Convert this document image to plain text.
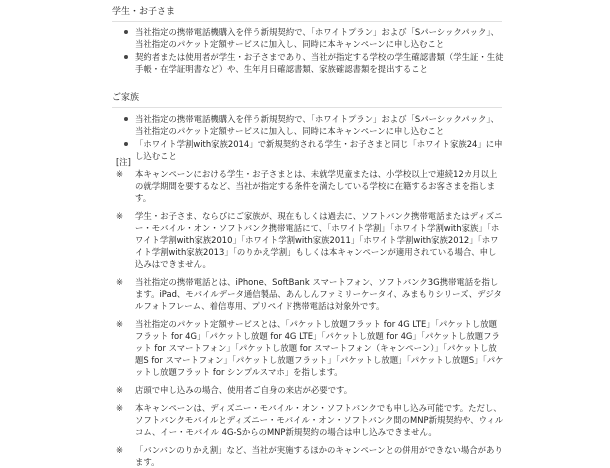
学生・お子さま
当社指定の携帯電話機購入を伴う新規契約で、「ホワイトプラン」および「Sパーシックパック」、当社指定のパケット定額サービスに加入し、同時に本キャンペーンに申し込むこと
契約者または使用者が学生・お子さまであり、当社が指定する学校の学生確認書類（学生証・生徒手帳・在学証明書など）や、生年月日確認書類、家族確認書類を提出すること
ご家族
当社指定の携帯電話機購入を伴う新規契約で、「ホワイトプラン」および「Sパーシックパック」、当社指定のパケット定額サービスに加入し、同時に本キャンペーンに申し込むこと
「ホワイト学割with家族2014」で新規契約される学生・お子さまと同じ「ホワイト家族24」に申し込むこと
[注]
※ 本キャンペーンにおける学生・お子さまとは、未就学児童または、小学校以上で連続12カ月以上の就学期間を要するなど、当社が指定する条件を満たしている学校に在籍するお客さまを指します。
※ 学生・お子さま、ならびにご家族が、現在もしくは過去に、ソフトバンク携帯電話またはディズニー・モバイル・オン・ソフトバンク携帯電話にて、「ホワイト学割」「ホワイト学割with家族」「ホワイト学割with家族2010」「ホワイト学割with家族2011」「ホワイト学割with家族2012」「ホワイト学割with家族2013」「のりかえ学割」もしくは本キャンペーンが適用されている場合、申し込みはできません。
※ 当社指定の携帯電話とは、iPhone、SoftBank スマートフォン、ソフトバンク3G携帯電話を指します。iPad、モバイルデータ通信製品、あんしんファミリーケータイ、みまもりシリーズ、デジタルフォトフレーム、着信専用、プリペイド携帯電話は対象外です。
※ 当社指定のパケット定額サービスとは、「パケットし放題フラット for 4G LTE」「パケットし放題フラット for 4G」「パケットし放題 for 4G LTE」「パケットし放題 for 4G」「パケットし放題フラット for スマートフォン」「パケットし放題 for スマートフォン（キャンペーン）」「パケットし放題S for スマートフォン」「パケットし放題フラット」「パケットし放題」「パケットし放題S」「パケットし放題フラット for シンプルスマホ」を指します。
※ 店頭で申し込みの場合、使用者ご自身の来店が必要です。
※ 本キャンペーンは、ディズニー・モバイル・オン・ソフトバンクでも申し込み可能です。ただし、ソフトバンクモバイルとディズニー・モバイル・オン・ソフトバンク間のMNP新規契約や、ウィルコム、イー・モバイル 4G-SからのMNP新規契約の場合は申し込みできません。
※ 「バンバンのりかえ割」など、当社が実施するほかのキャンペーンとの併用ができない場合があります。
